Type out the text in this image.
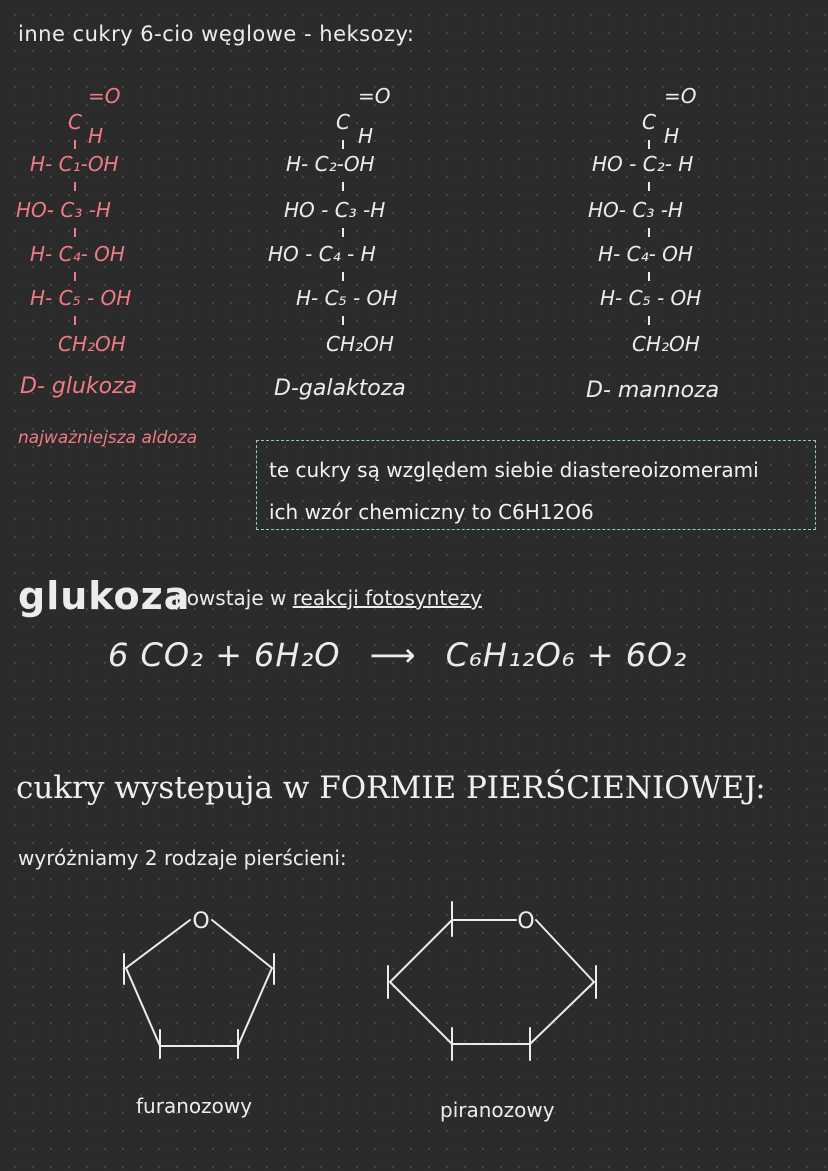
inne cukry 6-cio węglowe - heksozy:
=O
C
H
H- C₁-OH
HO- C₃ -H
H- C₄- OH
H- C₅ - OH
CH₂OH
D- glukoza
=O
C
H
H- C₂-OH
HO - C₃ -H
HO - C₄ - H
H- C₅ - OH
CH₂OH
D-galaktoza
=O
C
H
HO - C₂- H
HO- C₃ -H
H- C₄- OH
H- C₅ - OH
CH₂OH
D- mannoza
najważniejsza aldoza
te cukry są względem siebie diastereoizomerami
ich wzór chemiczny to C6H12O6
glukoza
powstaje w reakcji fotosyntezy
6 CO₂ + 6H₂O ⟶ C₆H₁₂O₆ + 6O₂
cukry wystepuja w FORMIE PIERŚCIENIOWEJ:
wyróżniamy 2 rodzaje pierścieni:
O
furanozowy
O
piranozowy
